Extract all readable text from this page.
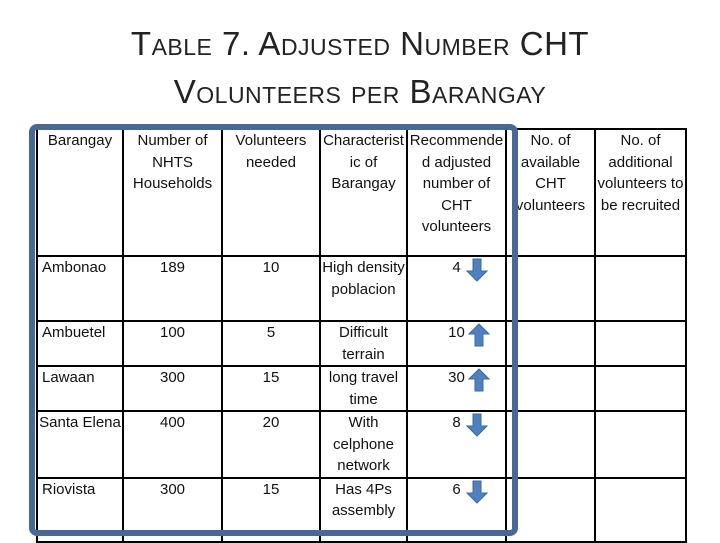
Table 7. Adjusted Number CHT
Volunteers per Barangay
Barangay	Number of NHTS Households	Volunteers needed	Characteristic of Barangay	Recommended adjusted number of CHT volunteers	No. of available CHT volunteers	No. of additional volunteers to be recruited
Ambonao	189	10	High density poblacion	4

Ambuetel	100	5	Difficult terrain	10

Lawaan	300	15	long travel time	30

Santa Elena	400	20	With celphone network	8

Riovista	300	15	Has 4Ps assembly	6
